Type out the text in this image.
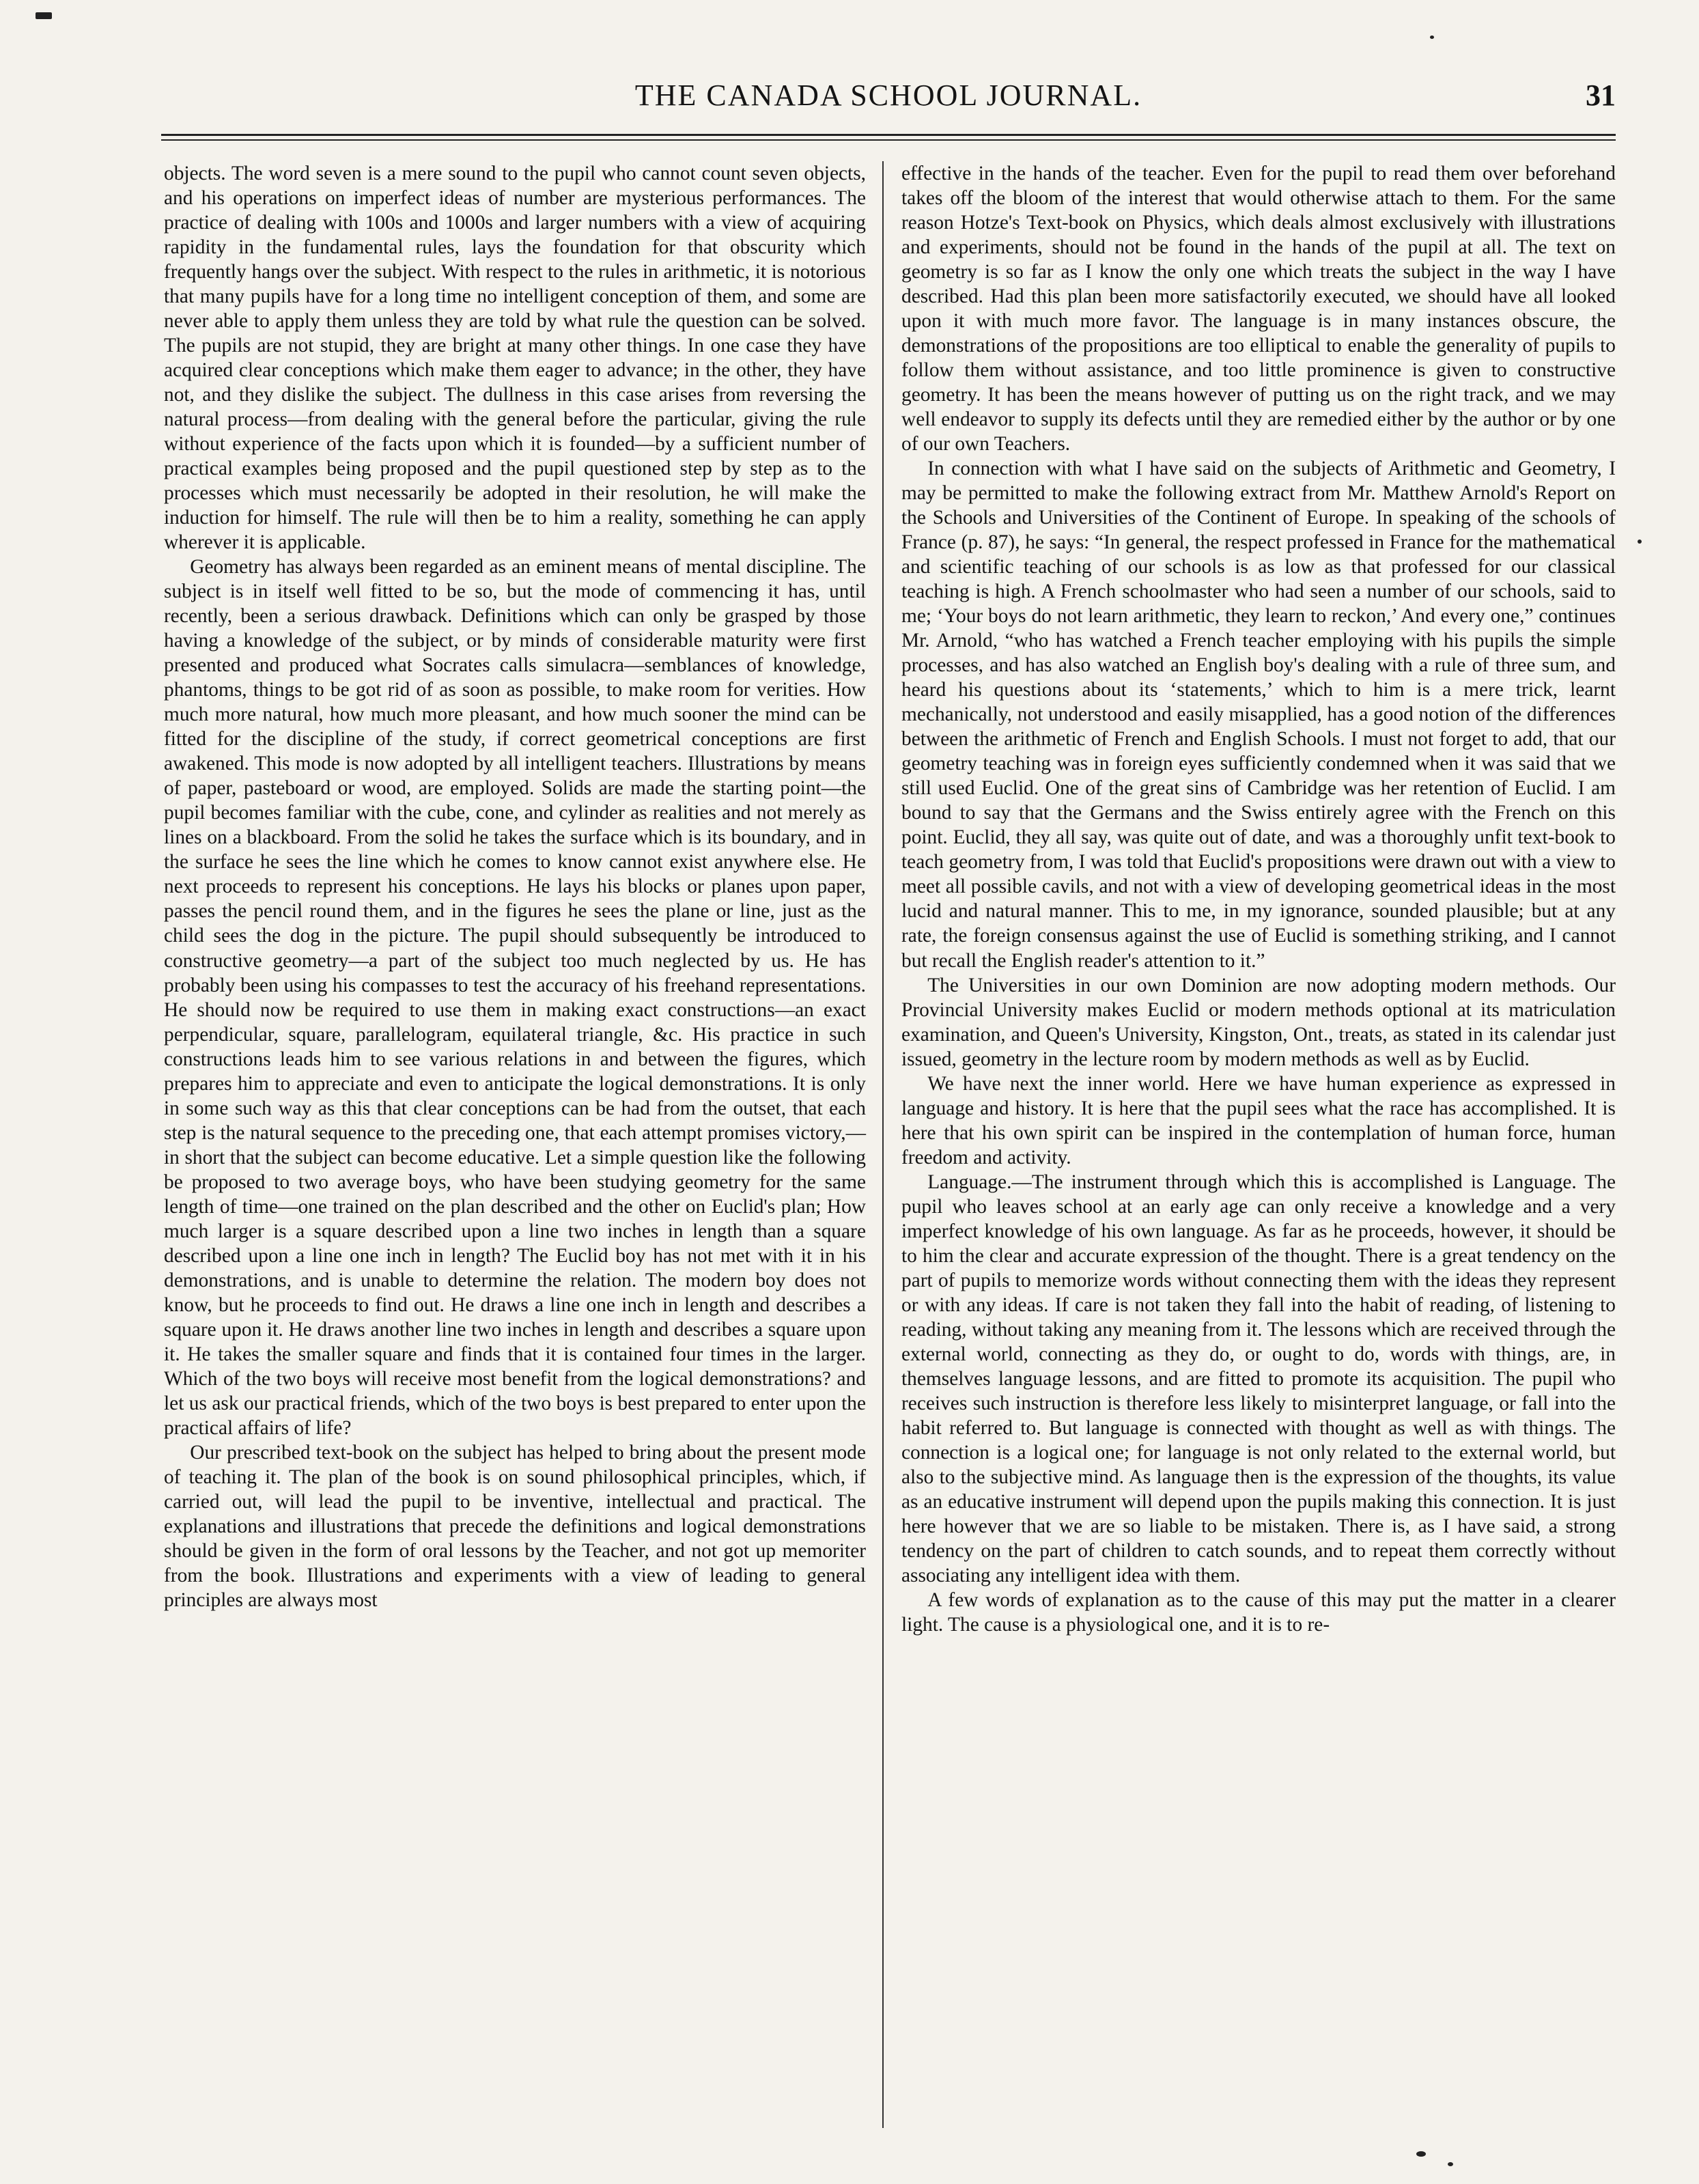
THE CANADA SCHOOL JOURNAL.	31

objects. The word seven is a mere sound to the pupil who cannot count seven objects, and his operations on imperfect ideas of number are mysterious performances. The practice of dealing with 100s and 1000s and larger numbers with a view of acquiring rapidity in the fundamental rules, lays the foundation for that obscurity which frequently hangs over the subject. With respect to the rules in arithmetic, it is notorious that many pupils have for a long time no intelligent conception of them, and some are never able to apply them unless they are told by what rule the question can be solved. The pupils are not stupid, they are bright at many other things. In one case they have acquired clear conceptions which make them eager to advance; in the other, they have not, and they dislike the subject. The dullness in this case arises from reversing the natural process—from dealing with the general before the particular, giving the rule without experience of the facts upon which it is founded—by a sufficient number of practical examples being proposed and the pupil questioned step by step as to the processes which must necessarily be adopted in their resolution, he will make the induction for himself. The rule will then be to him a reality, something he can apply wherever it is applicable.

Geometry has always been regarded as an eminent means of mental discipline. The subject is in itself well fitted to be so, but the mode of commencing it has, until recently, been a serious drawback. Definitions which can only be grasped by those having a knowledge of the subject, or by minds of considerable maturity were first presented and produced what Socrates calls simulacra—semblances of knowledge, phantoms, things to be got rid of as soon as possible, to make room for verities. How much more natural, how much more pleasant, and how much sooner the mind can be fitted for the discipline of the study, if correct geometrical conceptions are first awakened. This mode is now adopted by all intelligent teachers. Illustrations by means of paper, pasteboard or wood, are employed. Solids are made the starting point—the pupil becomes familiar with the cube, cone, and cylinder as realities and not merely as lines on a blackboard. From the solid he takes the surface which is its boundary, and in the surface he sees the line which he comes to know cannot exist anywhere else. He next proceeds to represent his conceptions. He lays his blocks or planes upon paper, passes the pencil round them, and in the figures he sees the plane or line, just as the child sees the dog in the picture. The pupil should subsequently be introduced to constructive geometry—a part of the subject too much neglected by us. He has probably been using his compasses to test the accuracy of his freehand representations. He should now be required to use them in making exact constructions—an exact perpendicular, square, parallelogram, equilateral triangle, &c. His practice in such constructions leads him to see various relations in and between the figures, which prepares him to appreciate and even to anticipate the logical demonstrations. It is only in some such way as this that clear conceptions can be had from the outset, that each step is the natural sequence to the preceding one, that each attempt promises victory,—in short that the subject can become educative. Let a simple question like the following be proposed to two average boys, who have been studying geometry for the same length of time—one trained on the plan described and the other on Euclid's plan; How much larger is a square described upon a line two inches in length than a square described upon a line one inch in length? The Euclid boy has not met with it in his demonstrations, and is unable to determine the relation. The modern boy does not know, but he proceeds to find out. He draws a line one inch in length and describes a square upon it. He draws another line two inches in length and describes a square upon it. He takes the smaller square and finds that it is contained four times in the larger. Which of the two boys will receive most benefit from the logical demonstrations? and let us ask our practical friends, which of the two boys is best prepared to enter upon the practical affairs of life?

Our prescribed text-book on the subject has helped to bring about the present mode of teaching it. The plan of the book is on sound philosophical principles, which, if carried out, will lead the pupil to be inventive, intellectual and practical. The explanations and illustrations that precede the definitions and logical demonstrations should be given in the form of oral lessons by the Teacher, and not got up memoriter from the book. Illustrations and experiments with a view of leading to general principles are always most

effective in the hands of the teacher. Even for the pupil to read them over beforehand takes off the bloom of the interest that would otherwise attach to them. For the same reason Hotze's Text-book on Physics, which deals almost exclusively with illustrations and experiments, should not be found in the hands of the pupil at all. The text on geometry is so far as I know the only one which treats the subject in the way I have described. Had this plan been more satisfactorily executed, we should have all looked upon it with much more favor. The language is in many instances obscure, the demonstrations of the propositions are too elliptical to enable the generality of pupils to follow them without assistance, and too little prominence is given to constructive geometry. It has been the means however of putting us on the right track, and we may well endeavor to supply its defects until they are remedied either by the author or by one of our own Teachers.

In connection with what I have said on the subjects of Arithmetic and Geometry, I may be permitted to make the following extract from Mr. Matthew Arnold's Report on the Schools and Universities of the Continent of Europe. In speaking of the schools of France (p. 87), he says: “In general, the respect professed in France for the mathematical and scientific teaching of our schools is as low as that professed for our classical teaching is high. A French schoolmaster who had seen a number of our schools, said to me; ‘Your boys do not learn arithmetic, they learn to reckon,’ And every one,” continues Mr. Arnold, “who has watched a French teacher employing with his pupils the simple processes, and has also watched an English boy's dealing with a rule of three sum, and heard his questions about its ‘statements,’ which to him is a mere trick, learnt mechanically, not understood and easily misapplied, has a good notion of the differences between the arithmetic of French and English Schools. I must not forget to add, that our geometry teaching was in foreign eyes sufficiently condemned when it was said that we still used Euclid. One of the great sins of Cambridge was her retention of Euclid. I am bound to say that the Germans and the Swiss entirely agree with the French on this point. Euclid, they all say, was quite out of date, and was a thoroughly unfit text-book to teach geometry from, I was told that Euclid's propositions were drawn out with a view to meet all possible cavils, and not with a view of developing geometrical ideas in the most lucid and natural manner. This to me, in my ignorance, sounded plausible; but at any rate, the foreign consensus against the use of Euclid is something striking, and I cannot but recall the English reader's attention to it.”

The Universities in our own Dominion are now adopting modern methods. Our Provincial University makes Euclid or modern methods optional at its matriculation examination, and Queen's University, Kingston, Ont., treats, as stated in its calendar just issued, geometry in the lecture room by modern methods as well as by Euclid.

We have next the inner world. Here we have human experience as expressed in language and history. It is here that the pupil sees what the race has accomplished. It is here that his own spirit can be inspired in the contemplation of human force, human freedom and activity.

Language.—The instrument through which this is accomplished is Language. The pupil who leaves school at an early age can only receive a knowledge and a very imperfect knowledge of his own language. As far as he proceeds, however, it should be to him the clear and accurate expression of the thought. There is a great tendency on the part of pupils to memorize words without connecting them with the ideas they represent or with any ideas. If care is not taken they fall into the habit of reading, of listening to reading, without taking any meaning from it. The lessons which are received through the external world, connecting as they do, or ought to do, words with things, are, in themselves language lessons, and are fitted to promote its acquisition. The pupil who receives such instruction is therefore less likely to misinterpret language, or fall into the habit referred to. But language is connected with thought as well as with things. The connection is a logical one; for language is not only related to the external world, but also to the subjective mind. As language then is the expression of the thoughts, its value as an educative instrument will depend upon the pupils making this connection. It is just here however that we are so liable to be mistaken. There is, as I have said, a strong tendency on the part of children to catch sounds, and to repeat them correctly without associating any intelligent idea with them.

A few words of explanation as to the cause of this may put the matter in a clearer light. The cause is a physiological one, and it is to re-
